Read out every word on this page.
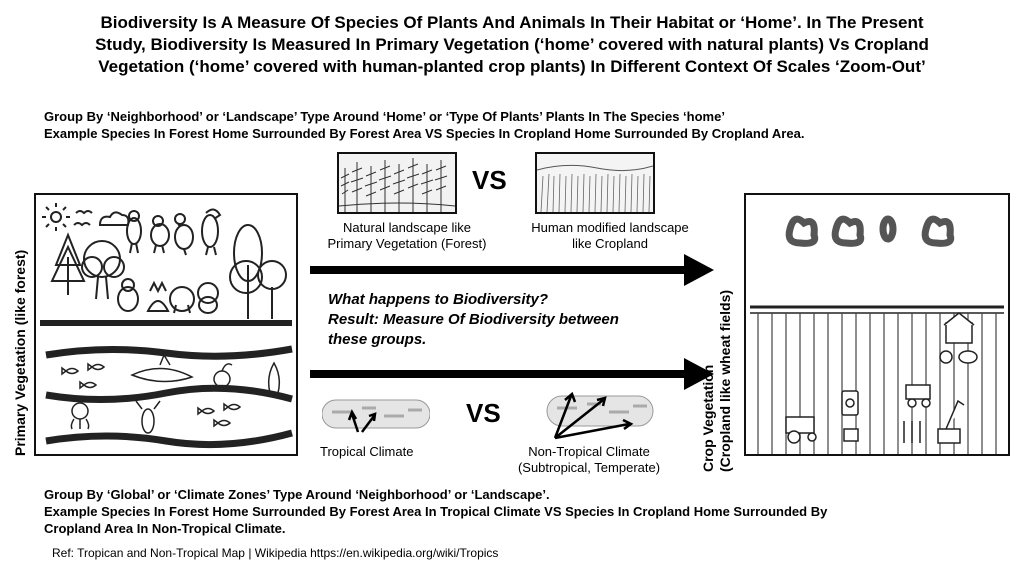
Biodiversity Is A Measure Of Species Of Plants And Animals In Their Habitat or ‘Home’. In The Present
Study, Biodiversity Is Measured In Primary Vegetation (‘home’ covered with natural plants) Vs Cropland
Vegetation (‘home’ covered with human-planted crop plants) In Different Context Of Scales ‘Zoom-Out’
Group By ‘Neighborhood’ or ‘Landscape’ Type Around ‘Home’ or ‘Type Of Plants’ Plants In The Species ‘home’
Example Species In Forest Home Surrounded By Forest Area VS Species In Cropland Home Surrounded By Cropland Area.
VS
Natural landscape like
Primary Vegetation (Forest)
Human modified landscape
like Cropland
Primary Vegetation (like forest)	What happens to Biodiversity?
Result: Measure Of Biodiversity between
these groups.
VS
Tropical Climate	Non-Tropical Climate
(Subtropical, Temperate)	Crop Vegetation (Cropland like wheat fields)
Group By ‘Global’ or ‘Climate Zones’ Type Around ‘Neighborhood’ or ‘Landscape’.
Example Species In Forest Home Surrounded By Forest Area In Tropical Climate VS Species In Cropland Home Surrounded By
Cropland Area In Non-Tropical Climate.
Ref: Tropican and Non-Tropical Map | Wikipedia https://en.wikipedia.org/wiki/Tropics
